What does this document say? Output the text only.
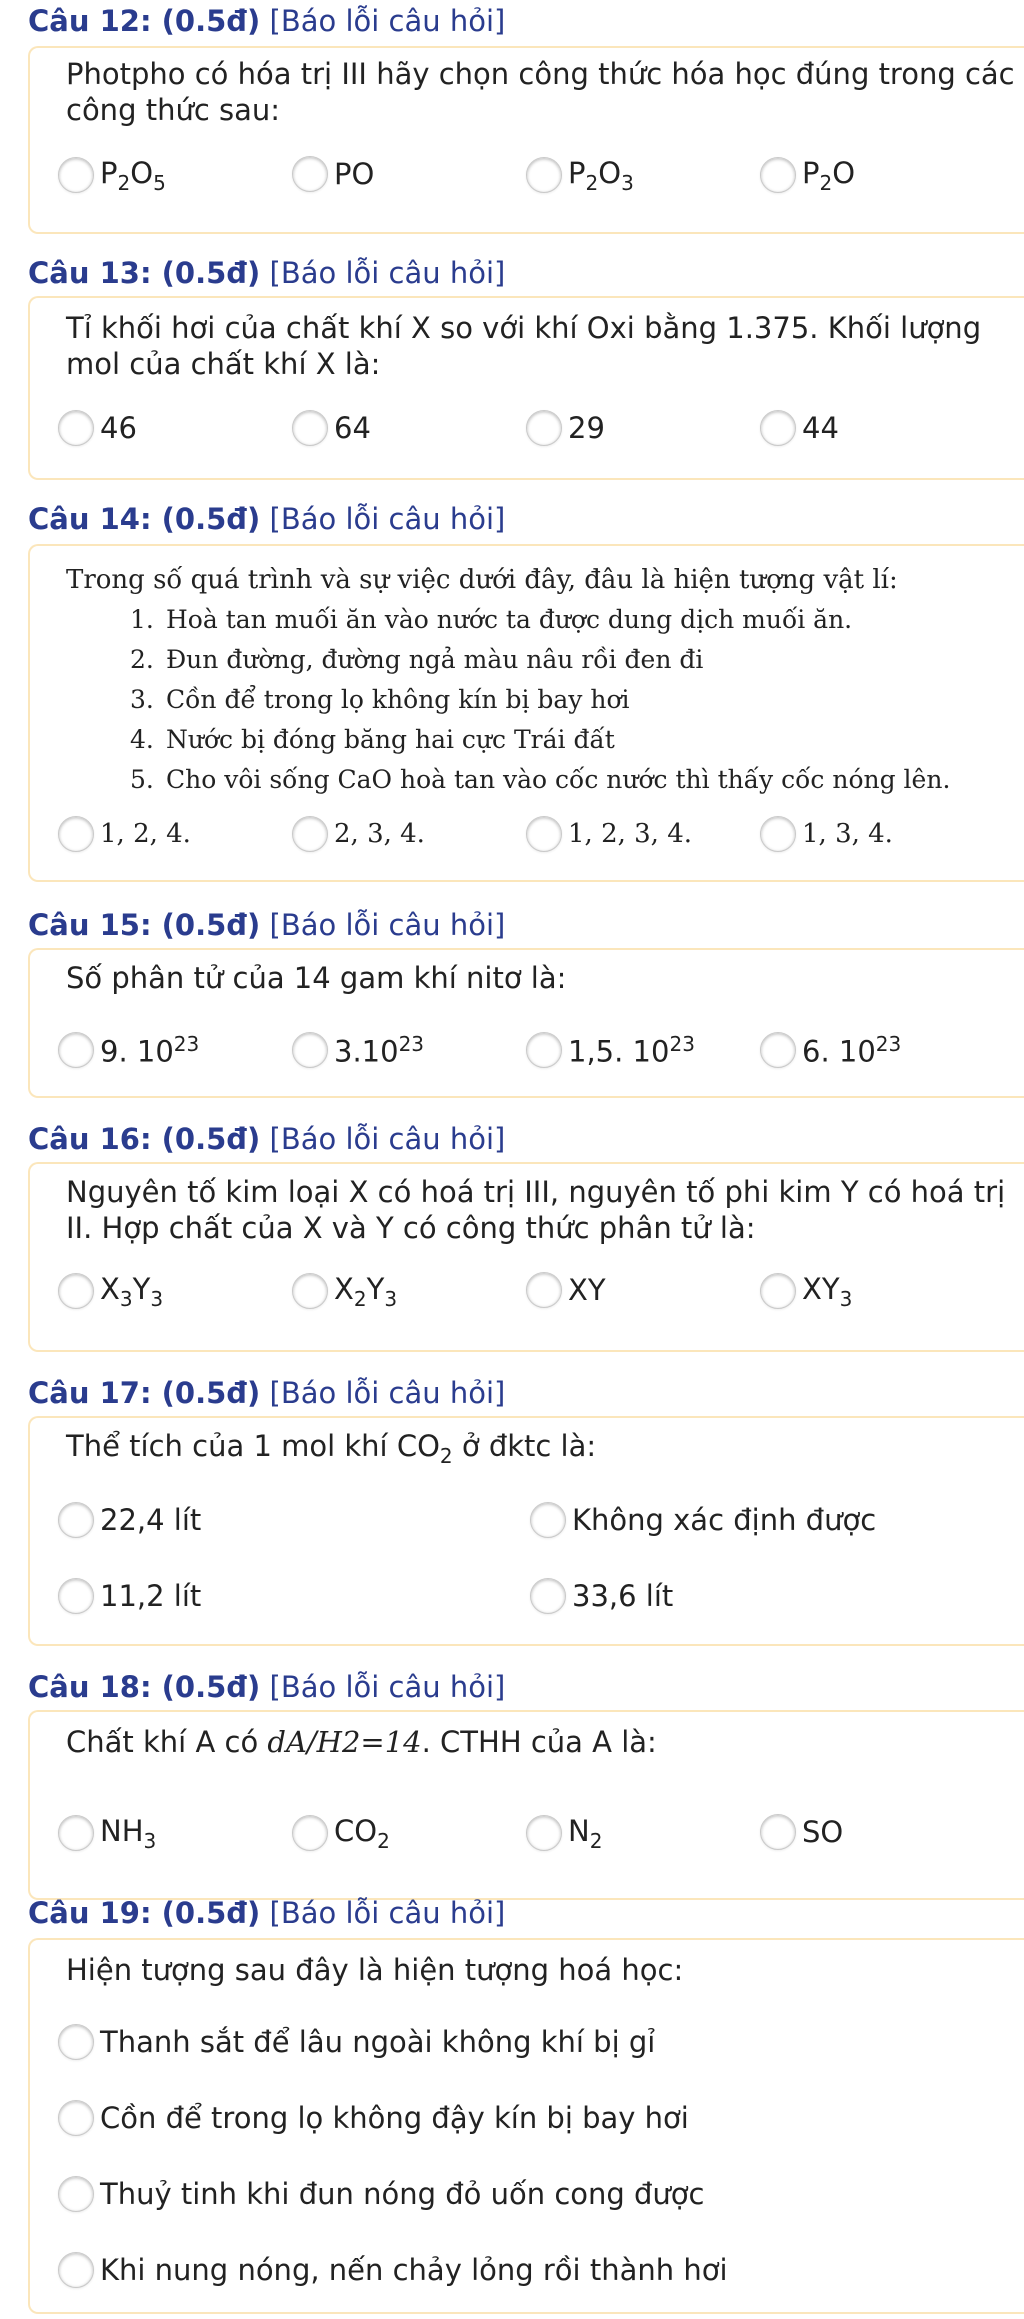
Câu 12: (0.5đ) [Báo lỗi câu hỏi]
Photpho có hóa trị III hãy chọn công thức hóa học đúng trong các công thức sau:
$P_2O_5$	PO	$P_2O_3$	$P_2O$
Câu 13: (0.5đ) [Báo lỗi câu hỏi]
Tỉ khối hơi của chất khí X so với khí Oxi bằng 1.375. Khối lượng mol của chất khí X là:
46	64	29	44
Câu 14: (0.5đ) [Báo lỗi câu hỏi]
Trong số quá trình và sự việc dưới đây, đâu là hiện tượng vật lí:
1. Hoà tan muối ăn vào nước ta được dung dịch muối ăn.
2. Đun đường, đường ngả màu nâu rồi đen đi
3. Cồn để trong lọ không kín bị bay hơi
4. Nước bị đóng băng hai cực Trái đất
5. Cho vôi sống CaO hoà tan vào cốc nước thì thấy cốc nóng lên.
1, 2, 4.	2, 3, 4.	1, 2, 3, 4.	1, 3, 4.
Câu 15: (0.5đ) [Báo lỗi câu hỏi]
Số phân tử của 14 gam khí nitơ là:
9. $10^{23}$	3.10$^{23}$	1,5. $10^{23}$	6. $10^{23}$
Câu 16: (0.5đ) [Báo lỗi câu hỏi]
Nguyên tố kim loại X có hoá trị III, nguyên tố phi kim Y có hoá trị II. Hợp chất của X và Y có công thức phân tử là:
$X_3Y_3$	$X_2Y_3$	XY	$XY_3$
Câu 17: (0.5đ) [Báo lỗi câu hỏi]
Thể tích của 1 mol khí $CO_2$ ở đktc là:
22,4 lít	Không xác định được
11,2 lít	33,6 lít
Câu 18: (0.5đ) [Báo lỗi câu hỏi]
Chất khí A có dA/H2=14. CTHH của A là:
$NH_3$	$CO_2$	$N_2$	SO
Câu 19: (0.5đ) [Báo lỗi câu hỏi]
Hiện tượng sau đây là hiện tượng hoá học:
Thanh sắt để lâu ngoài không khí bị gỉ
Cồn để trong lọ không đậy kín bị bay hơi
Thuỷ tinh khi đun nóng đỏ uốn cong được
Khi nung nóng, nến chảy lỏng rồi thành hơi
